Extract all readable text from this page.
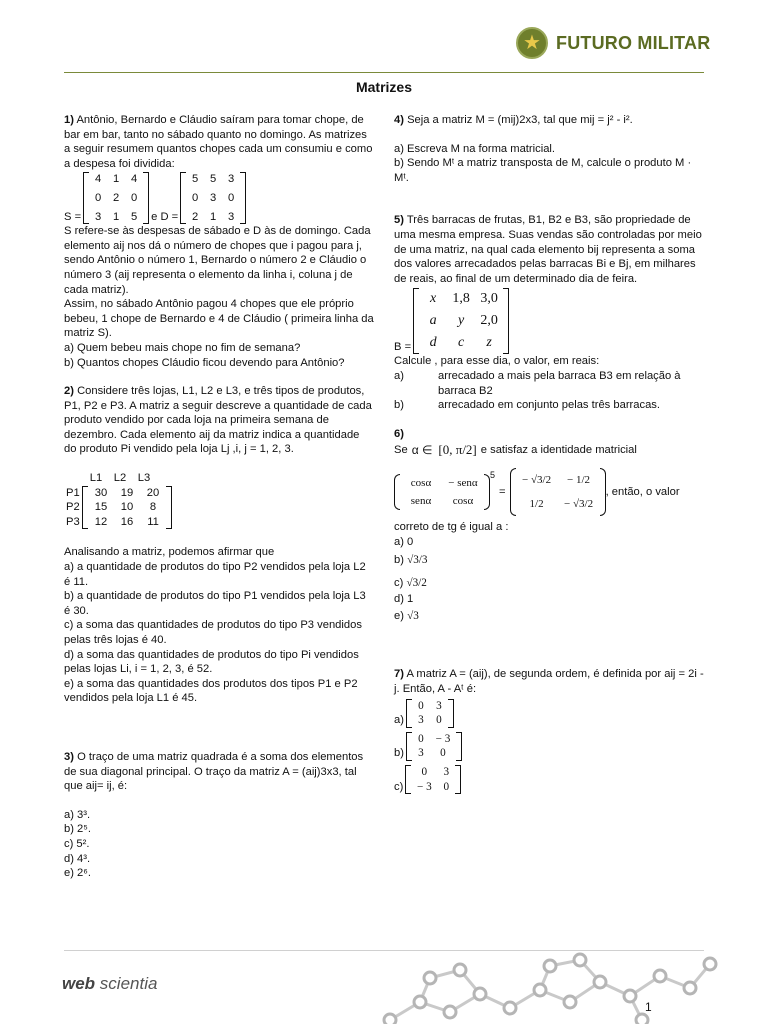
★ FUTURO MILITAR
Matrizes

1) Antônio, Bernardo e Cláudio saíram para tomar chope, de bar em bar, tanto no sábado quanto no domingo. As matrizes a seguir resumem quantos chopes cada um consumiu e como a despesa foi dividida:

S =
4	1	4
0	2	0
3	1	5	e D =
5	5	3
0	3	0
2	1	3

S refere-se às despesas de sábado e D às de domingo. Cada elemento aij nos dá o número de chopes que i pagou para j, sendo Antônio o número 1, Bernardo o número 2 e Cláudio o número 3 (aij representa o elemento da linha i, coluna j de cada matriz).

Assim, no sábado Antônio pagou 4 chopes que ele próprio bebeu, 1 chope de Bernardo e 4 de Cláudio ( primeira linha da matriz S).

a) Quem bebeu mais chope no fim de semana?

b) Quantos chopes Cláudio ficou devendo para Antônio?

2) Considere três lojas, L1, L2 e L3, e três tipos de produtos, P1, P2 e P3. A matriz a seguir descreve a quantidade de cada produto vendido por cada loja na primeira semana de dezembro. Cada elemento aij da matriz indica a quantidade do produto Pi vendido pela loja Lj ,i, j = 1, 2, 3.

L1	L2	L3
P1
P2
P3
30	19	20
15	10	8
12	16	11

Analisando a matriz, podemos afirmar que

a) a quantidade de produtos do tipo P2 vendidos pela loja L2 é 11.

b) a quantidade de produtos do tipo P1 vendidos pela loja L3 é 30.

c) a soma das quantidades de produtos do tipo P3 vendidos pelas três lojas é 40.

d) a soma das quantidades de produtos do tipo Pi vendidos pelas lojas Li, i = 1, 2, 3, é 52.

e) a soma das quantidades dos produtos dos tipos P1 e P2 vendidos pela loja L1 é 45.

3) O traço de uma matriz quadrada é a soma dos elementos de sua diagonal principal. O traço da matriz A = (aij)3x3, tal que aij= ij, é:

a) 3³.

b) 2⁵.

c) 5².

d) 4³.

e) 2⁶.

4) Seja a matriz M = (mij)2x3, tal que mij = j² - i².

a) Escreva M na forma matricial.

b) Sendo Mᵗ a matriz transposta de M, calcule o produto M · Mᵗ.

5) Três barracas de frutas, B1, B2 e B3, são propriedade de uma mesma empresa. Suas vendas são controladas por meio de uma matriz, na qual cada elemento bij representa a soma dos valores arrecadados pelas barracas Bi e Bj, em milhares de reais, ao final de um determinado dia de feira.

B =
x	1,8 3,0
a	y	2,0
d	c	z

Calcule , para esse dia, o valor, em reais:

a)	arrecadado a mais pela barraca B3 em relação à barraca B2

b)	arrecadado em conjunto pelas três barracas.

6)

Se α ∈ [0, π/2] e satisfaz a identidade matricial
cosα	− senα
senα	cosα
$^5$
=
− √3/2	− 1/2
1/2	− √3/2
, então, o valor

correto de tg é igual a :

a) 0

b) √3/3

c) √3/2

d) 1

e) √3

7) A matriz A = (aij), de segunda ordem, é definida por aij = 2i - j. Então, A - Aᵗ é:

a)
0	3
3	0
b)
0	− 3
3	0
c)
0	3
− 3	0
web scientia
1
